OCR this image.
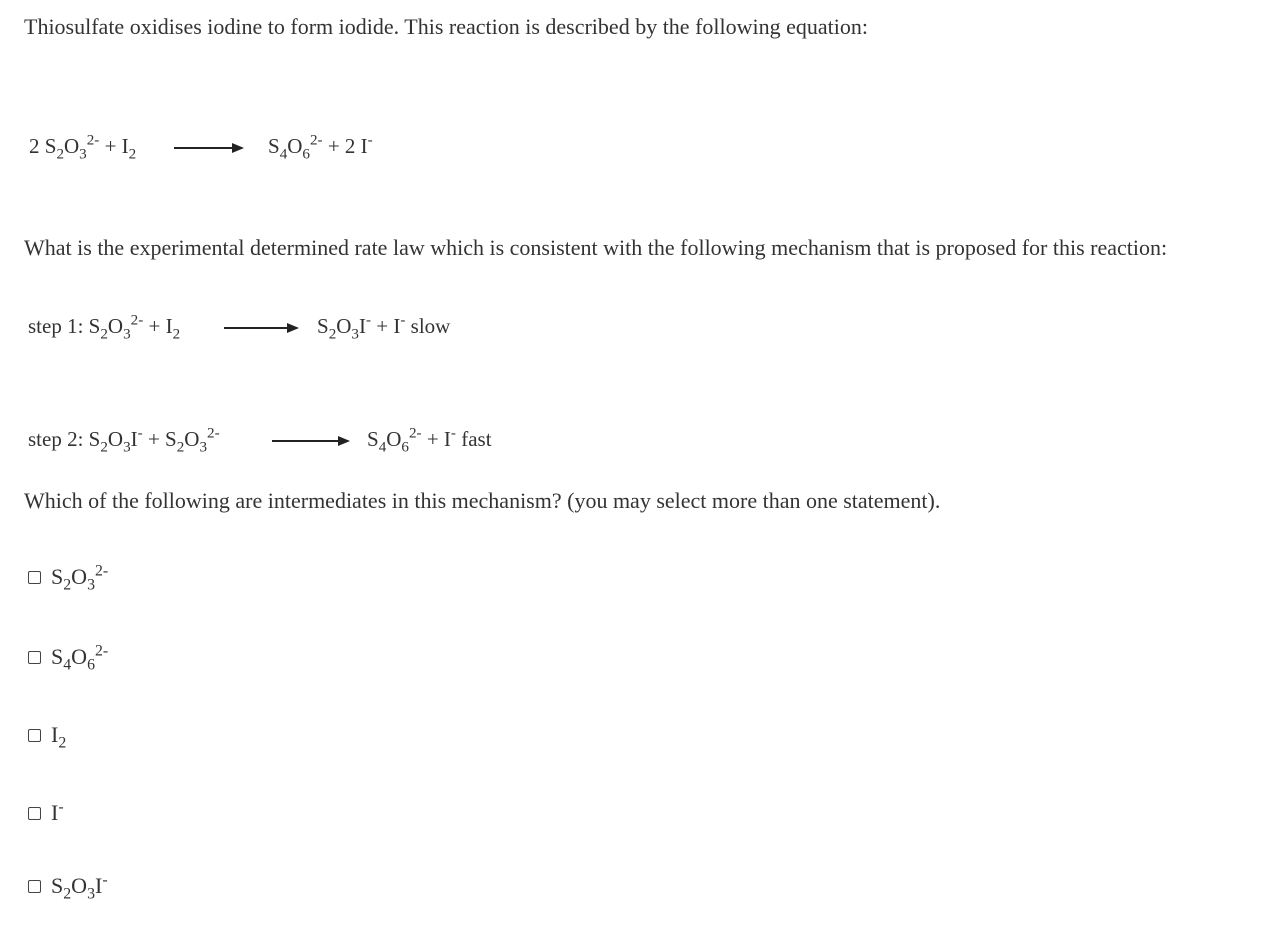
Thiosulfate oxidises iodine to form iodide. This reaction is described by the following equation:
2 $S_2O_3^{2-} + I_2 \to S_4O_6^{2-} + 2$ I-
What is the experimental determined rate law which is consistent with the following mechanism that is proposed for this reaction:
step 1: $S_2O_3^{2-} + I_2 \to S_2O_3I^- + I^-$ slow
step 2: $S_2O_3I^- + S_2O_3^{2-} \to S_4O_6^{2-} + I^-$ fast
Which of the following are intermediates in this mechanism? (you may select more than one statement).
$S_2O_3^{2-}$
$S_4O_6^{2-}$
$I_2$
I-
$S_2O_3I^-$
